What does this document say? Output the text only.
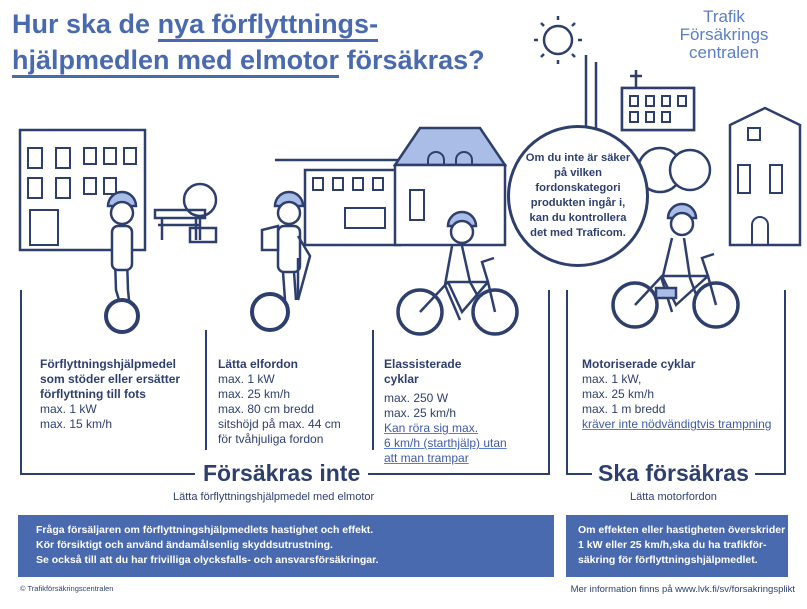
Hur ska de nya förflyttnings-
hjälpmedlen med elmotor försäkras?
Trafik
Försäkrings
centralen

Om du inte är säker på vilken fordonskategori produkten ingår i, kan du kontrollera det med Traficom.

Förflyttningshjälpmedel som stöder eller ersätter förflyttning till fots
max. 1 kW
max. 15 km/h
Lätta elfordon
max. 1 kW
max. 25 km/h
max. 80 cm bredd
sitshöjd på max. 44 cm
för tvåhjuliga fordon
Elassisterade cyklar
max. 250 W
max. 25 km/h
Kan röra sig max.
6 km/h (starthjälp) utan
att man trampar
Motoriserade cyklar
max. 1 kW,
max. 25 km/h
max. 1 m bredd
kräver inte nödvändigtvis trampning
Försäkras inte
Lätta förflyttningshjälpmedel med elmotor
Ska försäkras
Lätta motorfordon
Fråga försäljaren om förflyttningshjälpmedlets hastighet och effekt.
Kör försiktigt och använd ändamålsenlig skyddsutrustning.
Se också till att du har frivilliga olycksfalls- och ansvarsförsäkringar.
Om effekten eller hastigheten överskrider
1 kW eller 25 km/h,ska du ha trafikför-
säkring för förflyttningshjälpmedlet.
© Trafikförsäkringscentralen	Mer information finns på www.lvk.fi/sv/forsakringsplikt
